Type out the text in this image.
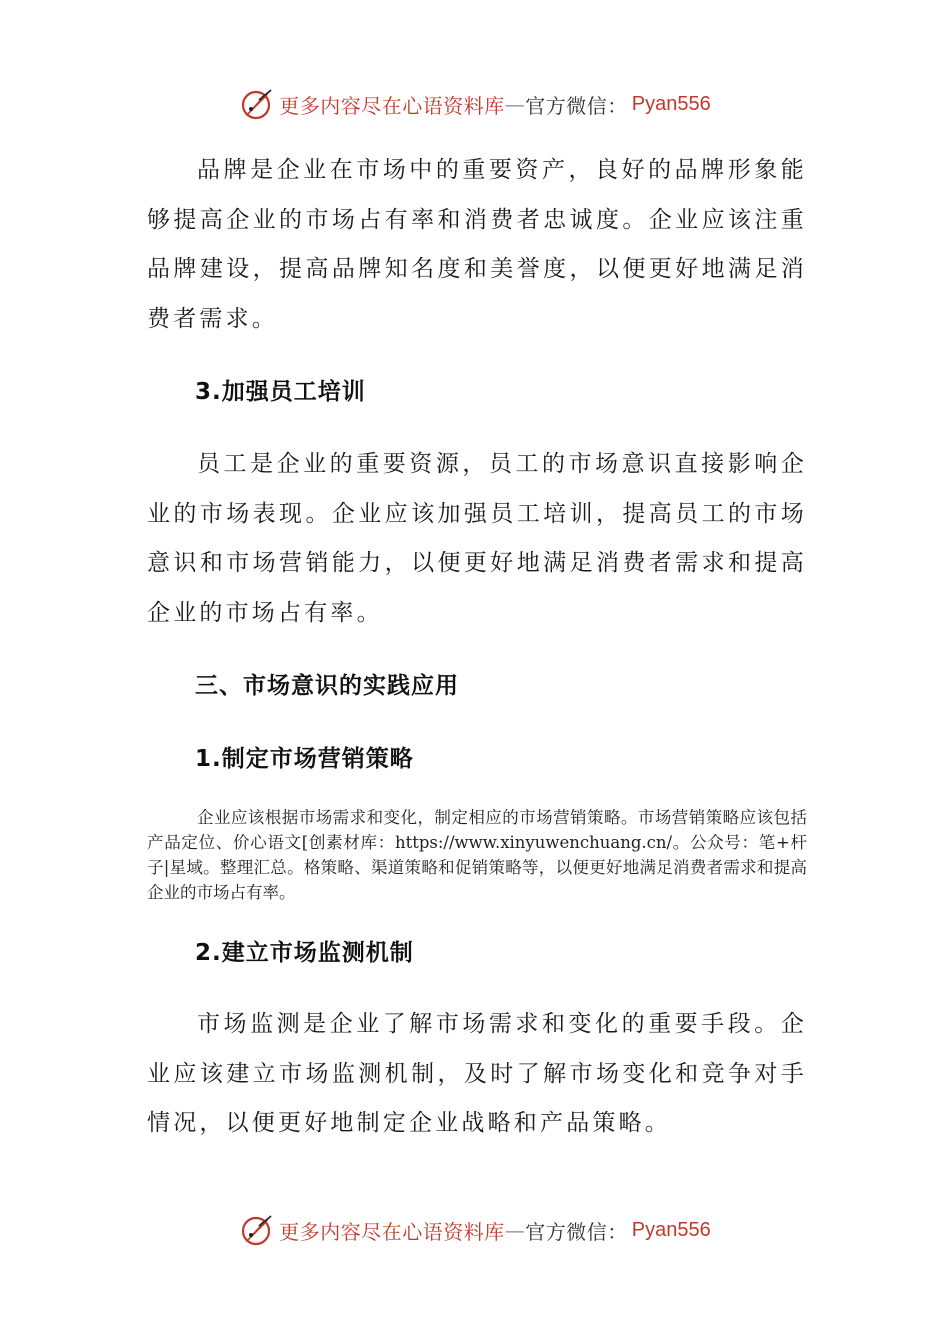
更多内容尽在心语资料库 — 官方微信： Pyan556

品牌是企业在市场中的重要资产，良好的品牌形象能够提高企业的市场占有率和消费者忠诚度。企业应该注重品牌建设，提高品牌知名度和美誉度，以便更好地满足消费者需求。

3.加强员工培训

员工是企业的重要资源，员工的市场意识直接影响企业的市场表现。企业应该加强员工培训，提高员工的市场意识和市场营销能力，以便更好地满足消费者需求和提高企业的市场占有率。

三、市场意识的实践应用
1.制定市场营销策略

企业应该根据市场需求和变化，制定相应的市场营销策略。市场营销策略应该包括产品定位、价心语文[创素材库：https://www.xinyuwenchuang.cn/。公众号：笔+杆子|星域。整理汇总。格策略、渠道策略和促销策略等，以便更好地满足消费者需求和提高企业的市场占有率。

2.建立市场监测机制

市场监测是企业了解市场需求和变化的重要手段。企业应该建立市场监测机制，及时了解市场变化和竞争对手情况，以便更好地制定企业战略和产品策略。

更多内容尽在心语资料库 — 官方微信： Pyan556
